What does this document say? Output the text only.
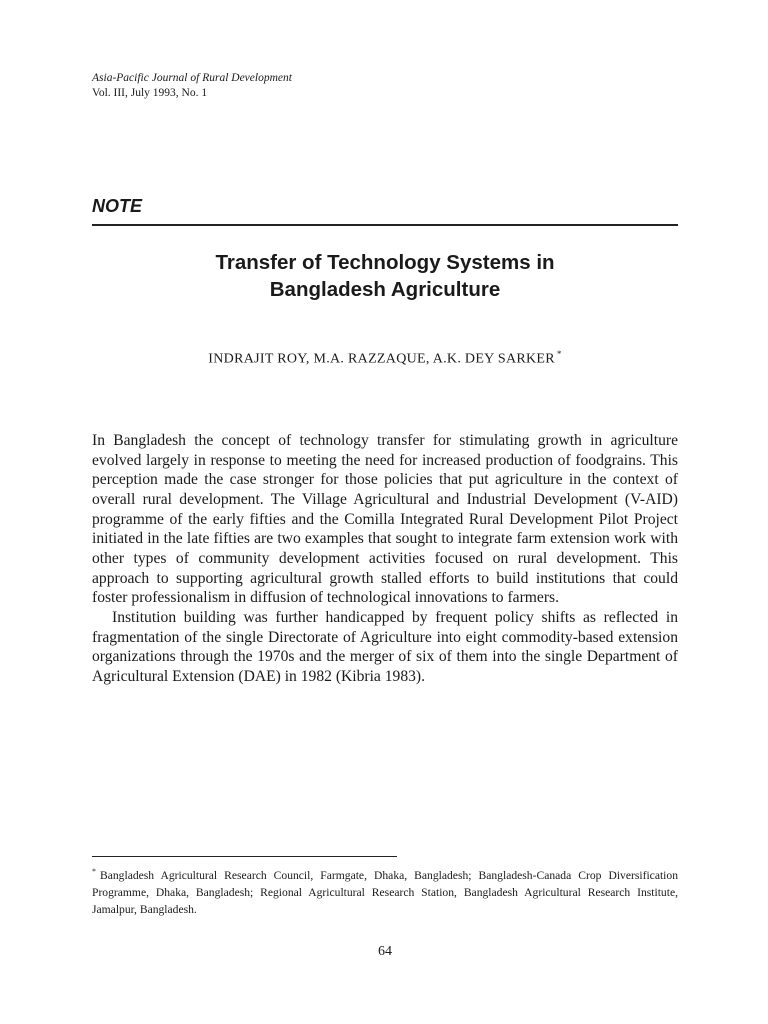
Asia-Pacific Journal of Rural Development
Vol. III, July 1993, No. 1
NOTE
Transfer of Technology Systems in
Bangladesh Agriculture
INDRAJIT ROY, M.A. RAZZAQUE, A.K. DEY SARKER *

In Bangladesh the concept of technology transfer for stimulating growth in agriculture evolved largely in response to meeting the need for increased production of foodgrains. This perception made the case stronger for those policies that put agriculture in the context of overall rural development. The Village Agricultural and Industrial Development (V-AID) programme of the early fifties and the Comilla Integrated Rural Development Pilot Project initiated in the late fifties are two examples that sought to integrate farm extension work with other types of community development activities focused on rural development. This approach to supporting agricultural growth stalled efforts to build institutions that could foster professionalism in diffusion of technological innovations to farmers.

Institution building was further handicapped by frequent policy shifts as reflected in fragmentation of the single Directorate of Agriculture into eight commodity-based extension organizations through the 1970s and the merger of six of them into the single Department of Agricultural Extension (DAE) in 1982 (Kibria 1983).

* Bangladesh Agricultural Research Council, Farmgate, Dhaka, Bangladesh; Bangladesh-Canada Crop Diversification Programme, Dhaka, Bangladesh; Regional Agricultural Research Station, Bangladesh Agricultural Research Institute, Jamalpur, Bangladesh.
64
